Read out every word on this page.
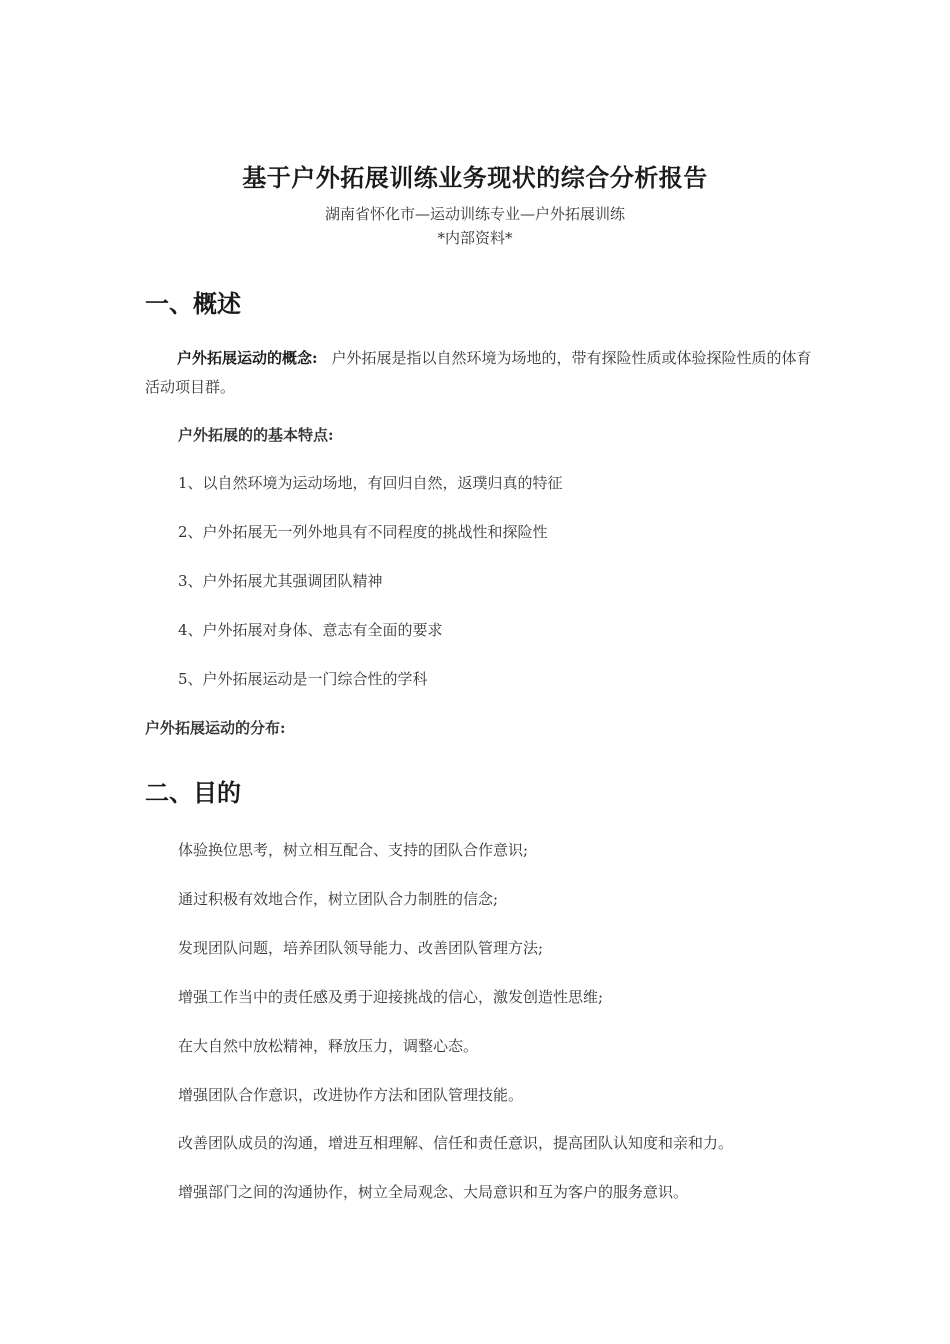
基于户外拓展训练业务现状的综合分析报告
湖南省怀化市—运动训练专业—户外拓展训练
*内部资料*
一、概述
户外拓展运动的概念: 户外拓展是指以自然环境为场地的，带有探险性质或体验探险性质的体育活动项目群。
户外拓展的的基本特点:
1、以自然环境为运动场地，有回归自然，返璞归真的特征
2、户外拓展无一列外地具有不同程度的挑战性和探险性
3、户外拓展尤其强调团队精神
4、户外拓展对身体、意志有全面的要求
5、户外拓展运动是一门综合性的学科
户外拓展运动的分布:
二、目的
体验换位思考，树立相互配合、支持的团队合作意识;
通过积极有效地合作，树立团队合力制胜的信念;
发现团队问题，培养团队领导能力、改善团队管理方法;
增强工作当中的责任感及勇于迎接挑战的信心，激发创造性思维;
在大自然中放松精神，释放压力，调整心态。
增强团队合作意识，改进协作方法和团队管理技能。
改善团队成员的沟通，增进互相理解、信任和责任意识，提高团队认知度和亲和力。
增强部门之间的沟通协作，树立全局观念、大局意识和互为客户的服务意识。
